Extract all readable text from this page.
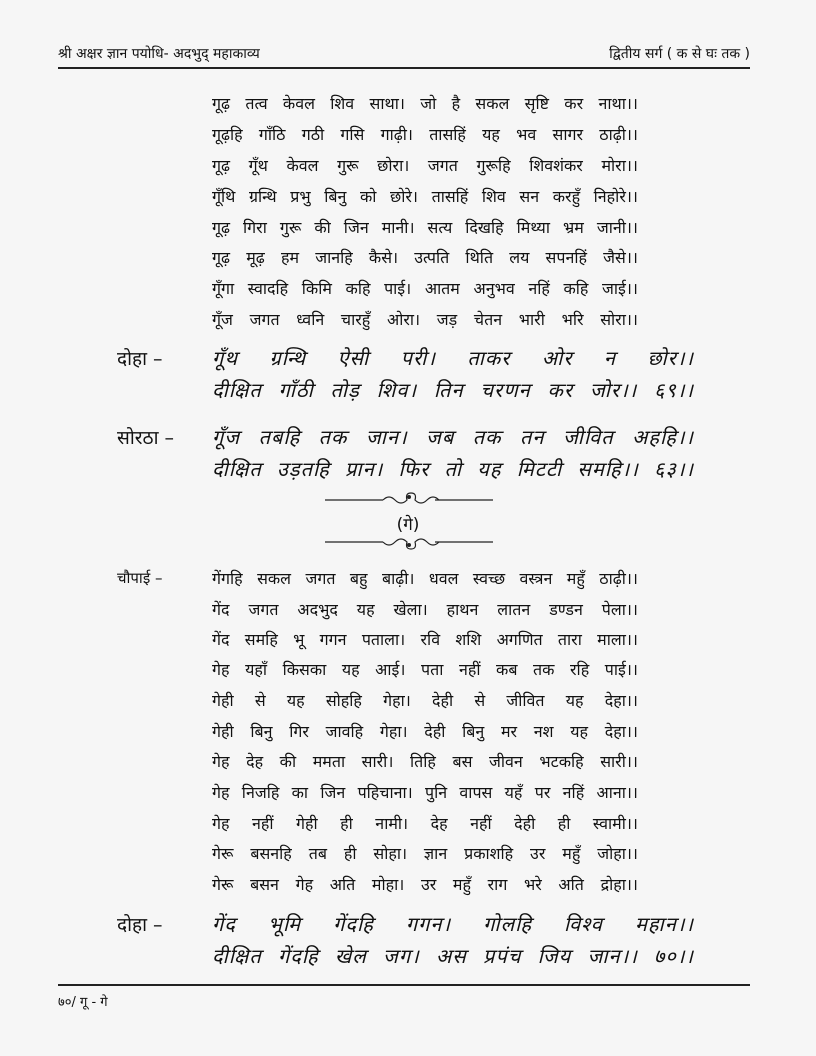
श्री अक्षर ज्ञान पयोधि- अदभुद् महाकाव्य	द्वितीय सर्ग ( क से घः तक )
गूढ़ तत्व केवल शिव साथा। जो है सकल सृष्टि कर नाथा।।
गूढ़हि गाँठि गठी गसि गाढ़ी। तासहिं यह भव सागर ठाढ़ी।।
गूढ़ गूँथ केवल गुरू छोरा। जगत गुरूहि शिवशंकर मोरा।।
गूँथि ग्रन्थि प्रभु बिनु को छोरे। तासहिं शिव सन करहुँ निहोरे।।
गूढ़ गिरा गुरू की जिन मानी। सत्य दिखहि मिथ्या भ्रम जानी।।
गूढ़ मूढ़ हम जानहि कैसे। उत्पति थिति लय सपनहिं जैसे।।
गूँगा स्वादहि किमि कहि पाई। आतम अनुभव नहिं कहि जाई।।
गूँज जगत ध्वनि चारहुँ ओरा। जड़ चेतन भारी भरि सोरा।।
दोहा – गूँथ ग्रन्थि ऐसी परी। ताकर ओर न छोर।।
दीक्षित गाँठी तोड़ शिव। तिन चरणन कर जोर।। ६९।।
सोरठा – गूँज तबहि तक जान। जब तक तन जीवित अहहि।।
दीक्षित उड़तहि प्रान। फिर तो यह मिटटी समहि।। ६३।।
(गे)
चौपाई –	गेंगहि सकल जगत बहु बाढ़ी। धवल स्वच्छ वस्त्रन महुँ ठाढ़ी।।
गेंद जगत अदभुद यह खेला। हाथन लातन डण्डन पेला।।
गेंद समहि भू गगन पताला। रवि शशि अगणित तारा माला।।
गेह यहाँ किसका यह आई। पता नहीं कब तक रहि पाई।।
गेही से यह सोहहि गेहा। देही से जीवित यह देहा।।
गेही बिनु गिर जावहि गेहा। देही बिनु मर नश यह देहा।।
गेह देह की ममता सारी। तिहि बस जीवन भटकहि सारी।।
गेह निजहि का जिन पहिचाना। पुनि वापस यहँ पर नहिं आना।।
गेह नहीं गेही ही नामी। देह नहीं देही ही स्वामी।।
गेरू बसनहि तब ही सोहा। ज्ञान प्रकाशहि उर महुँ जोहा।।
गेरू बसन गेह अति मोहा। उर महुँ राग भरे अति द्रोहा।।
दोहा – गेंद भूमि गेंदहि गगन। गोलहि विश्व महान।।
दीक्षित गेंदहि खेल जग। अस प्रपंच जिय जान।। ७०।।
७०/ गू - गे
